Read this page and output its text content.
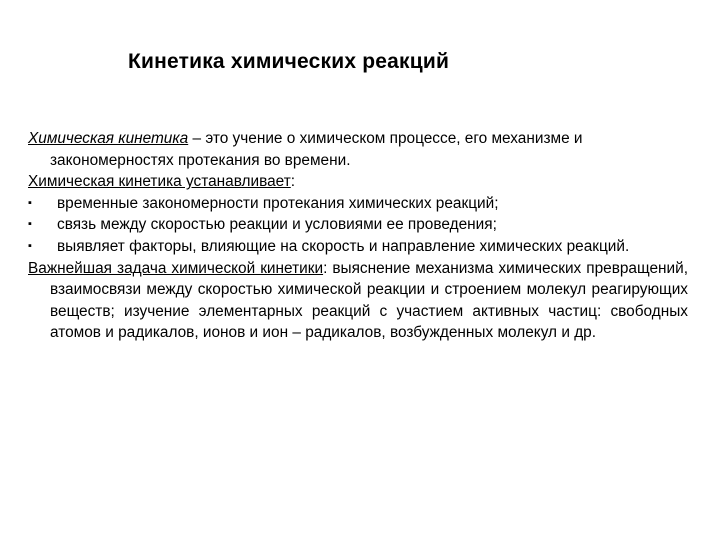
Кинетика химических реакций

Химическая кинетика – это учение о химическом процессе, его механизме и закономерностях протекания во времени.

Химическая кинетика устанавливает:

▪ временные закономерности протекания химических реакций;

▪ связь между скоростью реакции и условиями ее проведения;

▪ выявляет факторы, влияющие на скорость и направление химических реакций.

Важнейшая задача химической кинетики: выяснение механизма химических превращений, взаимосвязи между скоростью химической реакции и строением молекул реагирующих веществ; изучение элементарных реакций с участием активных частиц: свободных атомов и радикалов, ионов и ион – радикалов, возбужденных молекул и др.
